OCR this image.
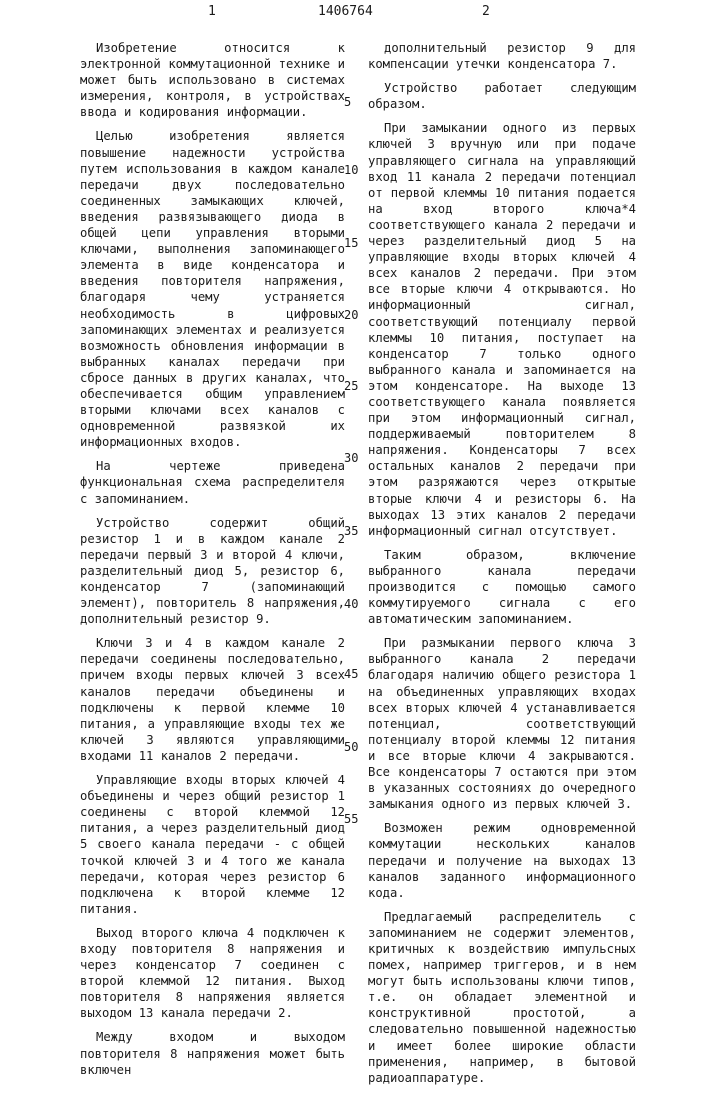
1	1406764	2

Изобретение относится к электронной коммутационной технике и может быть использовано в системах измерения, контроля, в устройствах ввода и кодирования информации.

Целью изобретения является повышение надежности устройства путем использования в каждом канале передачи двух последовательно соединенных замыкающих ключей, введения развязывающего диода в общей цепи управления вторыми ключами, выполнения запоминающего элемента в виде конденсатора и введения повторителя напряжения, благодаря чему устраняется необходимость в цифровых запоминающих элементах и реализуется возможность обновления информации в выбранных каналах передачи при сбросе данных в других каналах, что обеспечивается общим управлением вторыми ключами всех каналов с одновременной развязкой их информационных входов.

На чертеже приведена функциональная схема распределителя с запоминанием.

Устройство содержит общий резистор 1 и в каждом канале 2 передачи первый 3 и второй 4 ключи, разделительный диод 5, резистор 6, конденсатор 7 (запоминающий элемент), повторитель 8 напряжения, дополнительный резистор 9.

Ключи 3 и 4 в каждом канале 2 передачи соединены последовательно, причем входы первых ключей 3 всех каналов передачи объединены и подключены к первой клемме 10 питания, а управляющие входы тех же ключей 3 являются управляющими входами 11 каналов 2 передачи.

Управляющие входы вторых ключей 4 объединены и через общий резистор 1 соединены с второй клеммой 12 питания, а через разделительный диод 5 своего канала передачи - с общей точкой ключей 3 и 4 того же канала передачи, которая через резистор 6 подключена к второй клемме 12 питания.

Выход второго ключа 4 подключен к входу повторителя 8 напряжения и через конденсатор 7 соединен с второй клеммой 12 питания. Выход повторителя 8 напряжения является выходом 13 канала передачи 2.

Между входом и выходом повторителя 8 напряжения может быть включен

дополнительный резистор 9 для компенсации утечки конденсатора 7.

Устройство работает следующим образом.

При замыкании одного из первых ключей 3 вручную или при подаче управляющего сигнала на управляющий вход 11 канала 2 передачи потенциал от первой клеммы 10 питания подается на вход второго ключа*4 соответствующего канала 2 передачи и через разделительный диод 5 на управляющие входы вторых ключей 4 всех каналов 2 передачи. При этом все вторые ключи 4 открываются. Но информационный сигнал, соответствующий потенциалу первой клеммы 10 питания, поступает на конденсатор 7 только одного выбранного канала и запоминается на этом конденсаторе. На выходе 13 соответствующего канала появляется при этом информационный сигнал, поддерживаемый повторителем 8 напряжения. Конденсаторы 7 всех остальных каналов 2 передачи при этом разряжаются через открытые вторые ключи 4 и резисторы 6. На выходах 13 этих каналов 2 передачи информационный сигнал отсутствует.

Таким образом, включение выбранного канала передачи производится с помощью самого коммутируемого сигнала с его автоматическим запоминанием.

При размыкании первого ключа 3 выбранного канала 2 передачи благодаря наличию общего резистора 1 на объединенных управляющих входах всех вторых ключей 4 устанавливается потенциал, соответствующий потенциалу второй клеммы 12 питания и все вторые ключи 4 закрываются. Все конденсаторы 7 остаются при этом в указанных состояниях до очередного замыкания одного из первых ключей 3.

Возможен режим одновременной коммутации нескольких каналов передачи и получение на выходах 13 каналов заданного информационного кода.

Предлагаемый распределитель с запоминанием не содержит элементов, критичных к воздействию импульсных помех, например триггеров, и в нем могут быть использованы ключи типов, т.е. он обладает элементной и конструктивной простотой, а следовательно повышенной надежностью и имеет более широкие области применения, например, в бытовой радиоаппаратуре.

5
10
15
20
25
30
35
40
45
50
55
